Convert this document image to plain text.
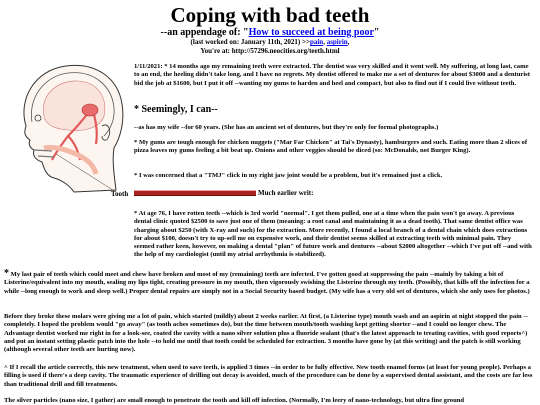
Coping with bad teeth
--an appendage of: "How to succeed at being poor"
(last worked on: January 11th, 2021) >>pain, aspirin,
You're at: http://57296.neocities.org/teeth.html
Tooth

1/11/2021: * 14 months ago my remaining teeth were extracted. The dentist was very skilled and it went well. My suffering, at long last, came to an end, the heeling didn't take long, and I have no regrets. My dentist offered to make me a set of dentures for about $3000 and a denturist bid the job at $1600, but I put it off --wanting my gums to harden and heel and compact, but also to find out if I could live without teeth.

* Seemingly, I can--

--as has my wife --for 60 years. (She has an ancient set of dentures, but they're only for formal photographs.)

* My gums are tough enough for chicken nuggets ("Mar Far Chicken" at Tai's Dynasty), hamburgers and such. Eating more than 2 slices of pizza leaves my gums feeling a bit beat up. Onions and other veggies should be diced (so: McDonalds, not Burger King).

* I was concerned that a "TMJ" click in my right jaw joint would be a problem, but it's remained just a click.

Much earlier writ:

* At age 76, I have rotten teeth --which is 3rd world "normal". I get them pulled, one at a time when the pain won't go away. A previous dental clinic quoted $2500 to save just one of them (meaning: a root canal and maintaining it as a dead tooth). That same dentist office was charging about $250 (with X-ray and such) for the extraction. More recently, I found a local branch of a dental chain which does extractions for about $100, doesn't try to up-sell me on expensive work, and their dentist seems skilled at extracting teeth with minimal pain. They seemed rather keen, however, on making a dental "plan" of future work and dentures --about $2000 altogether --which I've put off --and with the help of my cardiologist (until my atrial arrhythmia is stabilized).

* My last pair of teeth which could meet and chew have broken and most of my (remaining) teeth are infected. I've gotten good at suppressing the pain --mainly by taking a bit of Listerine/equivalent into my mouth, sealing my lips tight, creating pressure in my mouth, then vigorously swishing the Listerine through my teeth. (Possibly, that kills off the infection for a while --long enough to work and sleep well.) Proper dental repairs are simply not in a Social Security based budget. (My wife has a very old set of dentures, which she only uses for photos.)

Before they broke these molars were giving me a lot of pain, which started (mildly) about 2 weeks earlier. At first, (a Listerine type) mouth wash and an aspirin at night stopped the pain --completely. I hoped the problem would "go away" (as tooth aches sometimes do), but the time between mouth/tooth washing kept getting shorter --and I could no longer chew. The Advantage dentist worked me right in for a look-see, coated the cavity with a nano silver solution plus a fluoride sealant (that's the latest approach to treating cavities, with good reports^) and put an instant setting plastic patch into the hole --to hold me until that tooth could be scheduled for extraction. 3 months have gone by (at this writing) and the patch is still working (although several other teeth are hurting now).

^ If I recall the article correctly, this new treatment, when used to save teeth, is applied 3 times --in order to be fully effective. New tooth enamel forms (at least for young people). Perhaps a filling is used if there's a deep cavity. The traumatic experience of drilling out decay is avoided, much of the procedure can be done by a supervised dental assistant, and the costs are far less than traditional drill and fill treatments.

The silver particles (nano size, I gather) are small enough to penetrate the tooth and kill off infection. (Normally, I'm leery of nano-technology, but ultra fine ground
